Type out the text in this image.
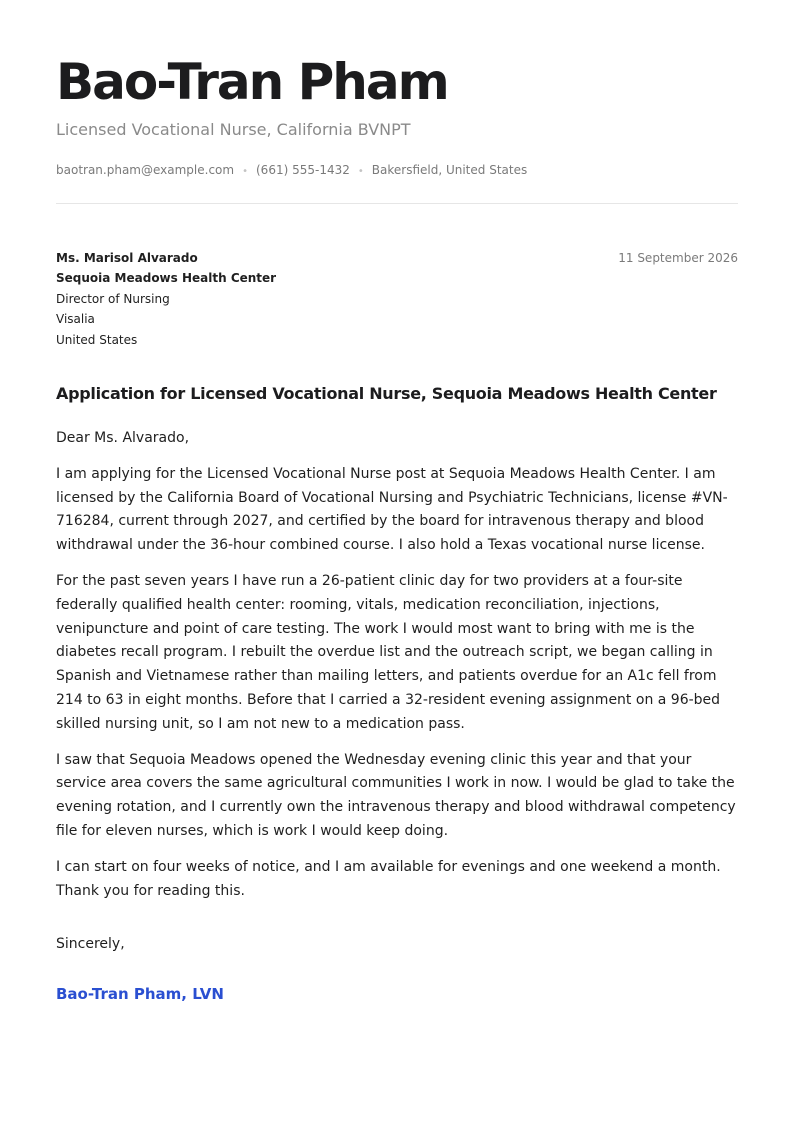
Bao-Tran Pham
Licensed Vocational Nurse, California BVNPT
baotran.pham@example.com • (661) 555-1432 • Bakersfield, United States
Ms. Marisol Alvarado
Sequoia Meadows Health Center
Director of Nursing
Visalia
United States
11 September 2026
Application for Licensed Vocational Nurse, Sequoia Meadows Health Center

Dear Ms. Alvarado,

I am applying for the Licensed Vocational Nurse post at Sequoia Meadows Health Center. I am licensed by the California Board of Vocational Nursing and Psychiatric Technicians, license #VN-716284, current through 2027, and certified by the board for intravenous therapy and blood withdrawal under the 36-hour combined course. I also hold a Texas vocational nurse license.

For the past seven years I have run a 26-patient clinic day for two providers at a four-site federally qualified health center: rooming, vitals, medication reconciliation, injections, venipuncture and point of care testing. The work I would most want to bring with me is the diabetes recall program. I rebuilt the overdue list and the outreach script, we began calling in Spanish and Vietnamese rather than mailing letters, and patients overdue for an A1c fell from 214 to 63 in eight months. Before that I carried a 32-resident evening assignment on a 96-bed skilled nursing unit, so I am not new to a medication pass.

I saw that Sequoia Meadows opened the Wednesday evening clinic this year and that your service area covers the same agricultural communities I work in now. I would be glad to take the evening rotation, and I currently own the intravenous therapy and blood withdrawal competency file for eleven nurses, which is work I would keep doing.

I can start on four weeks of notice, and I am available for evenings and one weekend a month. Thank you for reading this.

Sincerely,
Bao-Tran Pham, LVN
